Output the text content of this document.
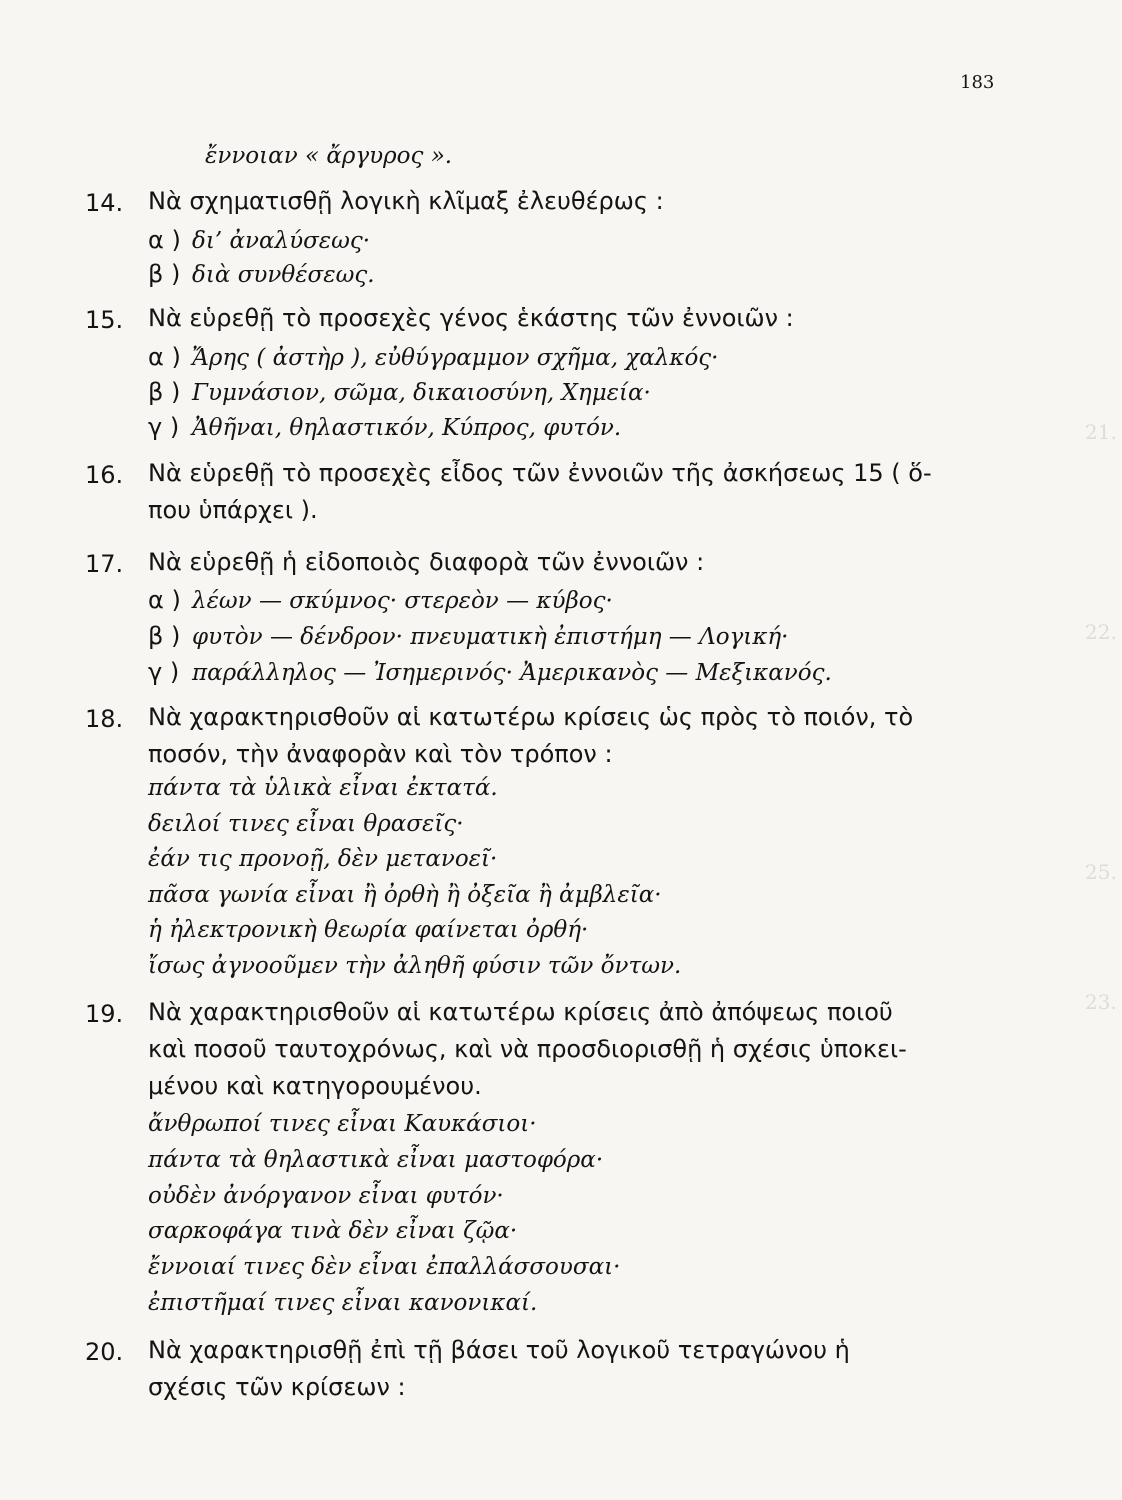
183
21.
22.
23.
25.
ἔννοιαν « ἄργυρος ».
14. Νὰ σχηματισθῇ λογικὴ κλῖμαξ ἐλευθέρως :
α ) δι’ ἀναλύσεως·
β ) διὰ συνθέσεως.
15. Νὰ εὑρεθῇ τὸ προσεχὲς γένος ἑκάστης τῶν ἐννοιῶν :
α ) Ἄρης ( ἀστὴρ ), εὐθύγραμμον σχῆμα, χαλκός·
β ) Γυμνάσιον, σῶμα, δικαιοσύνη, Χημεία·
γ ) Ἀθῆναι, θηλαστικόν, Κύπρος, φυτόν.
16. Νὰ εὑρεθῇ τὸ προσεχὲς εἶδος τῶν ἐννοιῶν τῆς ἀσκήσεως 15 ( ὅ-
που ὑπάρχει ).
17. Νὰ εὑρεθῇ ἡ εἰδοποιὸς διαφορὰ τῶν ἐννοιῶν :
α ) λέων — σκύμνος· στερεὸν — κύβος·
β ) φυτὸν — δένδρον· πνευματικὴ ἐπιστήμη — Λογική·
γ ) παράλληλος — Ἰσημερινός· Ἀμερικανὸς — Μεξικανός.
18. Νὰ χαρακτηρισθοῦν αἱ κατωτέρω κρίσεις ὡς πρὸς τὸ ποιόν, τὸ
ποσόν, τὴν ἀναφορὰν καὶ τὸν τρόπον :
πάντα τὰ ὑλικὰ εἶναι ἐκτατά.
δειλοί τινες εἶναι θρασεῖς·
ἐάν τις προνοῇ, δὲν μετανοεῖ·
πᾶσα γωνία εἶναι ἢ ὀρθὴ ἢ ὀξεῖα ἢ ἀμβλεῖα·
ἡ ἠλεκτρονικὴ θεωρία φαίνεται ὀρθή·
ἴσως ἀγνοοῦμεν τὴν ἀληθῆ φύσιν τῶν ὄντων.
19. Νὰ χαρακτηρισθοῦν αἱ κατωτέρω κρίσεις ἀπὸ ἀπόψεως ποιοῦ
καὶ ποσοῦ ταυτοχρόνως, καὶ νὰ προσδιορισθῇ ἡ σχέσις ὑποκει-
μένου καὶ κατηγορουμένου.
ἄνθρωποί τινες εἶναι Καυκάσιοι·
πάντα τὰ θηλαστικὰ εἶναι μαστοφόρα·
οὐδὲν ἀνόργανον εἶναι φυτόν·
σαρκοφάγα τινὰ δὲν εἶναι ζῷα·
ἔννοιαί τινες δὲν εἶναι ἐπαλλάσσουσαι·
ἐπιστῆμαί τινες εἶναι κανονικαί.
20. Νὰ χαρακτηρισθῇ ἐπὶ τῇ βάσει τοῦ λογικοῦ τετραγώνου ἡ
σχέσις τῶν κρίσεων :
